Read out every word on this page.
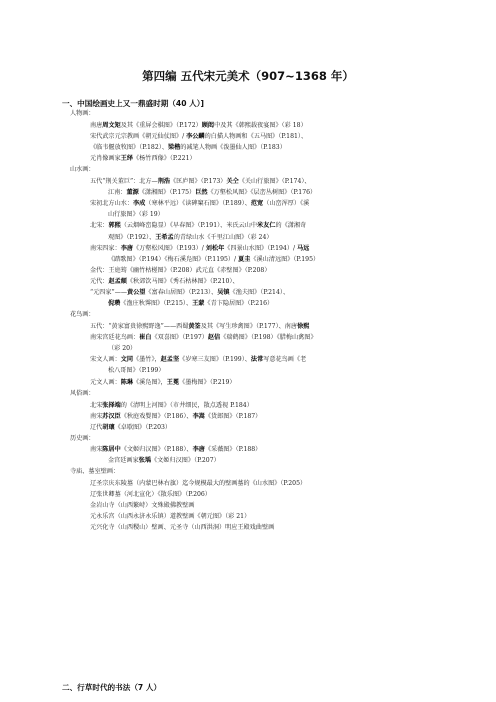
第四编 五代宋元美术（907~1368 年）
一、中国绘画史上又一鼎盛时期（40 人）]
人物画：
南唐周文矩及其《重屏会棋图》（P.172）顾闳中及其《韩熙载夜宴图》（彩 18）
宋代武宗元宗教画《朝元仙仗图》/ 李公麟的白描人物画和《五马图》（P.181）、
《临韦偃放牧图》（P.182）、梁楷的减笔人物画《泼墨仙人图》（P.183）
元肖像画家王绎《杨竹西像》（P.221）
山水画：
五代“荆关董巨”：北方—荆浩《匡庐图》（P.173）关仝《关山行旅图》（P.174）、
江南：董源《潇湘图》（P.175）巨然《万壑松风图》《层峦丛树图》（P.176）
宋初北方山水：李成（寒林平远）《读碑窠石图》（P.189）、范宽（山峦浑厚）《溪
山行旅图》（彩 19）
北宋：郭熙（云烟峰峦隐显）《早春图》（P.191）、米氏云山中米友仁的《潇湘奇
观图》（P.192）、王希孟的青绿山水《千里江山图》（彩 24）
南宋四家：李唐《万壑松风图》（P.193）/ 刘松年《四景山水图》（P.194）/ 马远
《踏歌图》（P.194）《梅石溪凫图》（P.1195）/ 夏圭《溪山清远图》（P.195）
金代：王庭筠《幽竹枯槎图》（P.208）武元直《赤壁图》（P.208）
元代：赵孟頫《秋郊饮马图》《秀石枯林图》（P.210）、
“元四家”——黄公望《富春山居图》（P.213）、吴镇《渔夫图》（P.214）、
倪瓒《渔庄秋霁图》（P.215）、王蒙《青卞隐居图》（P.216）
花鸟画：
五代：“黄家富贵徐熙野逸”——西蜀黄筌及其《写生珍禽图》（P.177）、南唐徐熙
南宋宫廷花鸟画：崔白《双喜图》（P.197）赵佶《瑞鹤图》（P.198）《腊梅山禽图》
（彩 20）
宋文人画：文同《墨竹》，赵孟坚《岁寒三友图》（P.199）、法常写意花鸟画《老
松八哥图》（P.199）
元文人画：陈琳《溪凫图》，王冕《墨梅图》（P.219）
风俗画：
北宋张择端的《清明上河图》（市井细民，散点透视 P.184）
南宋苏汉臣《秋庭戏婴图》（P.186）、李嵩《货郎图》（P.187）
辽代胡瓌《卓歇图》（P.203）
历史画：
南宋陈居中《文姬归汉图》（P.188）、李唐《采薇图》（P.188）
金宫廷画家张瑀《文姬归汉图》（P.207）
寺庙、墓室壁画：
辽圣宗庆东陵墓（内蒙巴林右旗）迄今规模最大的壁画墓的《山水图》（P.205）
辽张世卿墓（河北宣化）《散乐图》（P.206）
金岩山寺（山西繁峙）文殊殿佛教壁画
元永乐宫（山西永济永乐镇）道教壁画《朝元图》（彩 21）
元兴化寺（山西稷山）壁画、元圣寺（山西洪洞）明应王殿戏曲壁画
二、行草时代的书法（7 人）
